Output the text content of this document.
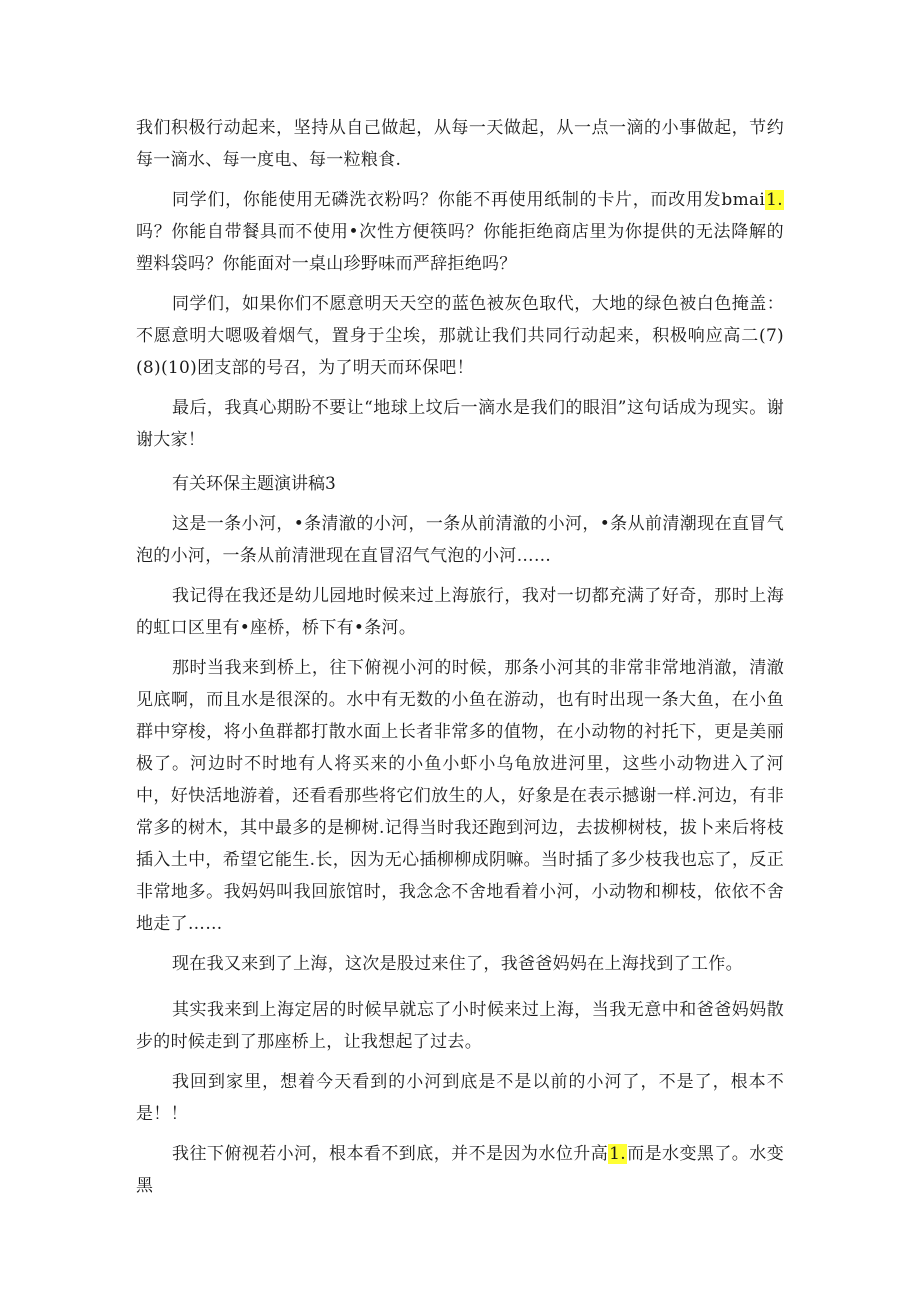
我们积极行动起来，坚持从自己做起，从每一天做起，从一点一滴的小事做起，节约每一滴水、每一度电、每一粒粮食.

同学们，你能使用无磷洗衣粉吗？你能不再使用纸制的卡片，而改用发bmai1.吗？你能自带餐具而不使用•次性方便筷吗？你能拒绝商店里为你提供的无法降解的塑料袋吗？你能面对一桌山珍野味而严辞拒绝吗？

同学们，如果你们不愿意明天天空的蓝色被灰色取代，大地的绿色被白色掩盖：不愿意明大嗯吸着烟气，置身于尘埃，那就让我们共同行动起来，积极响应高二(7)(8)(10)团支部的号召，为了明天而环保吧！

最后，我真心期盼不要让“地球上坟后一滴水是我们的眼泪”这句话成为现实。谢谢大家！

有关环保主题演讲稿3

这是一条小河，•条清澈的小河，一条从前清澈的小河，•条从前清潮现在直冒气泡的小河，一条从前清泄现在直冒沼气气泡的小河……

我记得在我还是幼儿园地时候来过上海旅行，我对一切都充满了好奇，那时上海的虹口区里有•座桥，桥下有•条河。

那时当我来到桥上，往下俯视小河的时候，那条小河其的非常非常地消澈，清澈见底啊，而且水是很深的。水中有无数的小鱼在游动，也有时出现一条大鱼，在小鱼群中穿梭，将小鱼群都打散水面上长者非常多的值物，在小动物的衬托下，更是美丽极了。河边时不时地有人将买来的小鱼小虾小乌龟放进河里，这些小动物进入了河中，好快活地游着，还看看那些将它们放生的人，好象是在表示撼谢一样.河边，有非常多的树木，其中最多的是柳树.记得当时我还跑到河边，去拔柳树枝，拔卜来后将枝插入土中，希望它能生.长，因为无心插柳柳成阴嘛。当时插了多少枝我也忘了，反正非常地多。我妈妈叫我回旅馆时，我念念不舍地看着小河，小动物和柳枝，依依不舍地走了……

现在我又来到了上海，这次是股过来住了，我爸爸妈妈在上海找到了工作。

其实我来到上海定居的时候早就忘了小时候来过上海，当我无意中和爸爸妈妈散步的时候走到了那座桥上，让我想起了过去。

我回到家里，想着今天看到的小河到底是不是以前的小河了，不是了，根本不是！！

我往下俯视若小河，根本看不到底，并不是因为水位升高1.而是水变黑了。水变黑
